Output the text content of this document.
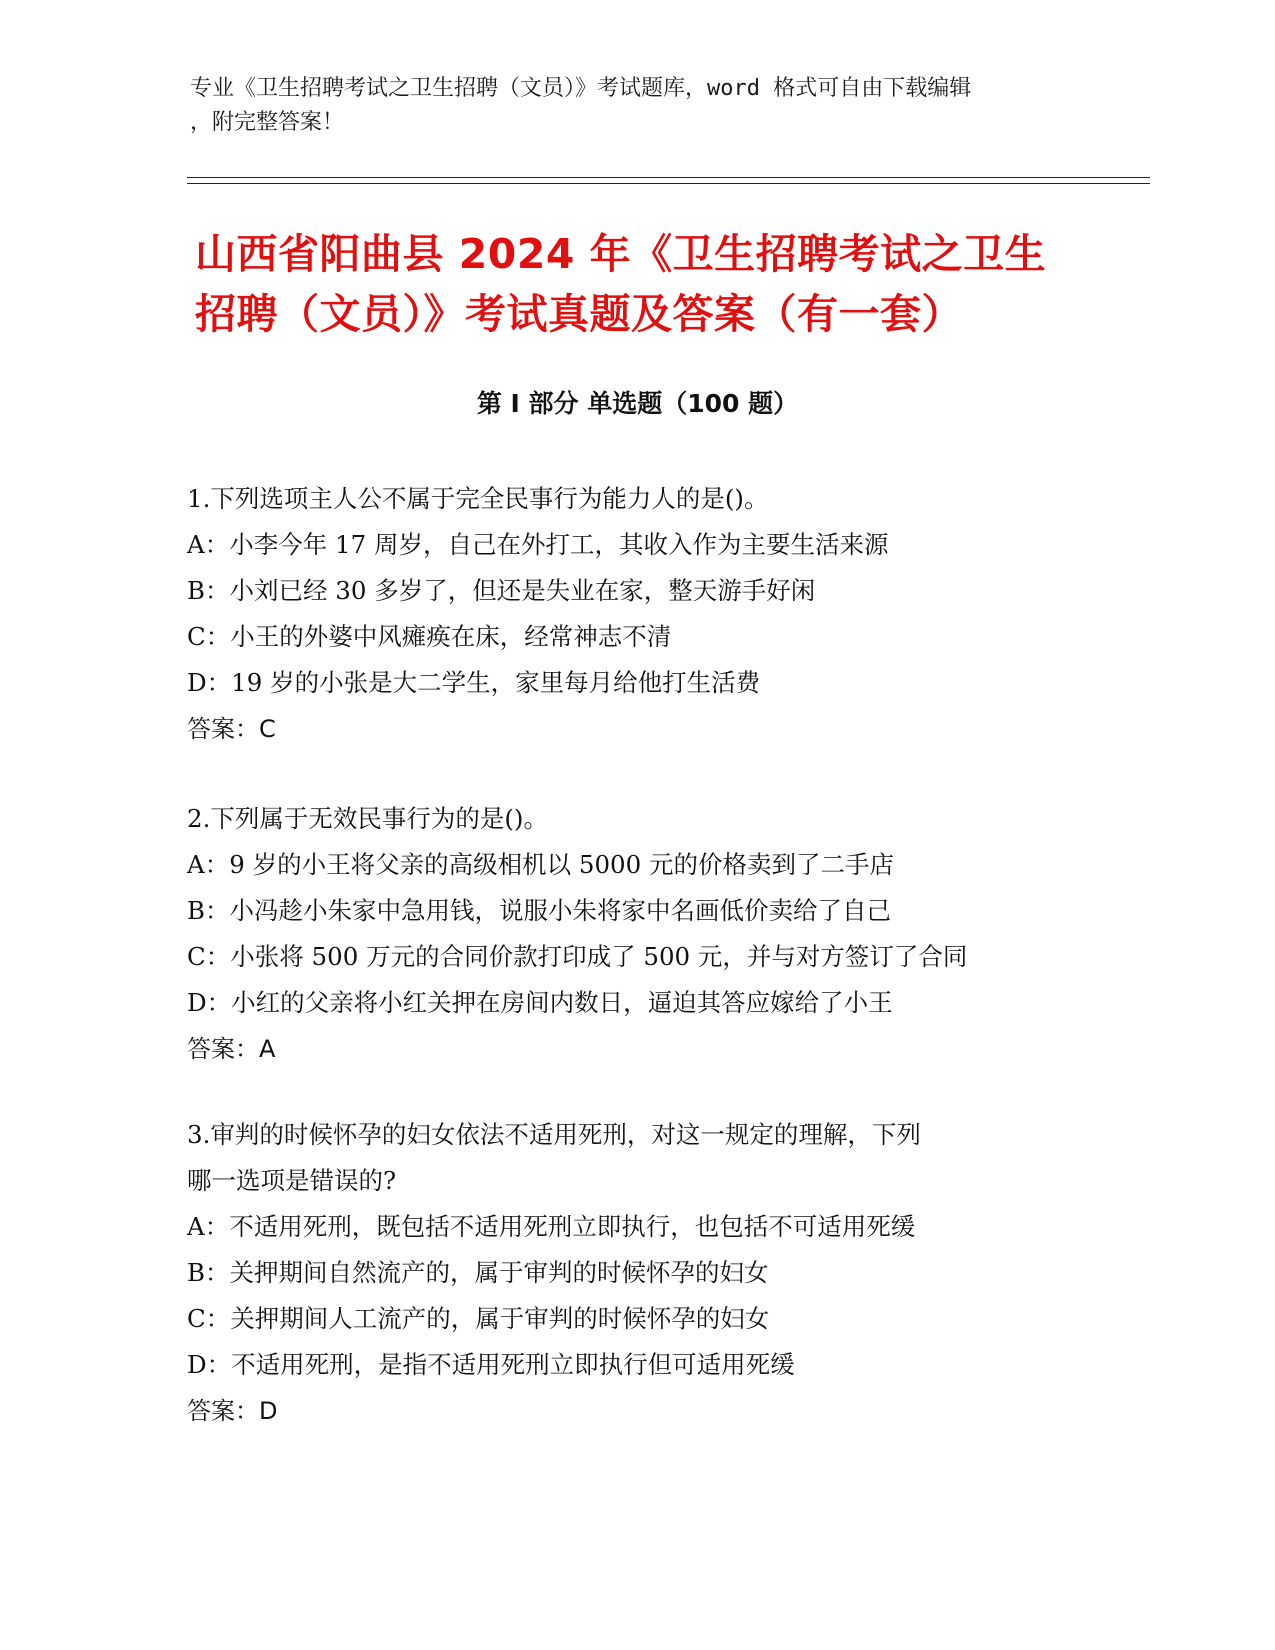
专业《卫生招聘考试之卫生招聘（文员）》考试题库，word 格式可自由下载编辑
，附完整答案！
山西省阳曲县 2024 年《卫生招聘考试之卫生
招聘（文员）》考试真题及答案（有一套）
第 I 部分 单选题（100 题）
1.下列选项主人公不属于完全民事行为能力人的是()。
A：小李今年 17 周岁，自己在外打工，其收入作为主要生活来源
B：小刘已经 30 多岁了，但还是失业在家，整天游手好闲
C：小王的外婆中风瘫痪在床，经常神志不清
D：19 岁的小张是大二学生，家里每月给他打生活费
答案：C
2.下列属于无效民事行为的是()。
A：9 岁的小王将父亲的高级相机以 5000 元的价格卖到了二手店
B：小冯趁小朱家中急用钱，说服小朱将家中名画低价卖给了自己
C：小张将 500 万元的合同价款打印成了 500 元，并与对方签订了合同
D：小红的父亲将小红关押在房间内数日，逼迫其答应嫁给了小王
答案：A
3.审判的时候怀孕的妇女依法不适用死刑，对这一规定的理解，下列
哪一选项是错误的?
A：不适用死刑，既包括不适用死刑立即执行，也包括不可适用死缓
B：关押期间自然流产的，属于审判的时候怀孕的妇女
C：关押期间人工流产的，属于审判的时候怀孕的妇女
D：不适用死刑，是指不适用死刑立即执行但可适用死缓
答案：D
